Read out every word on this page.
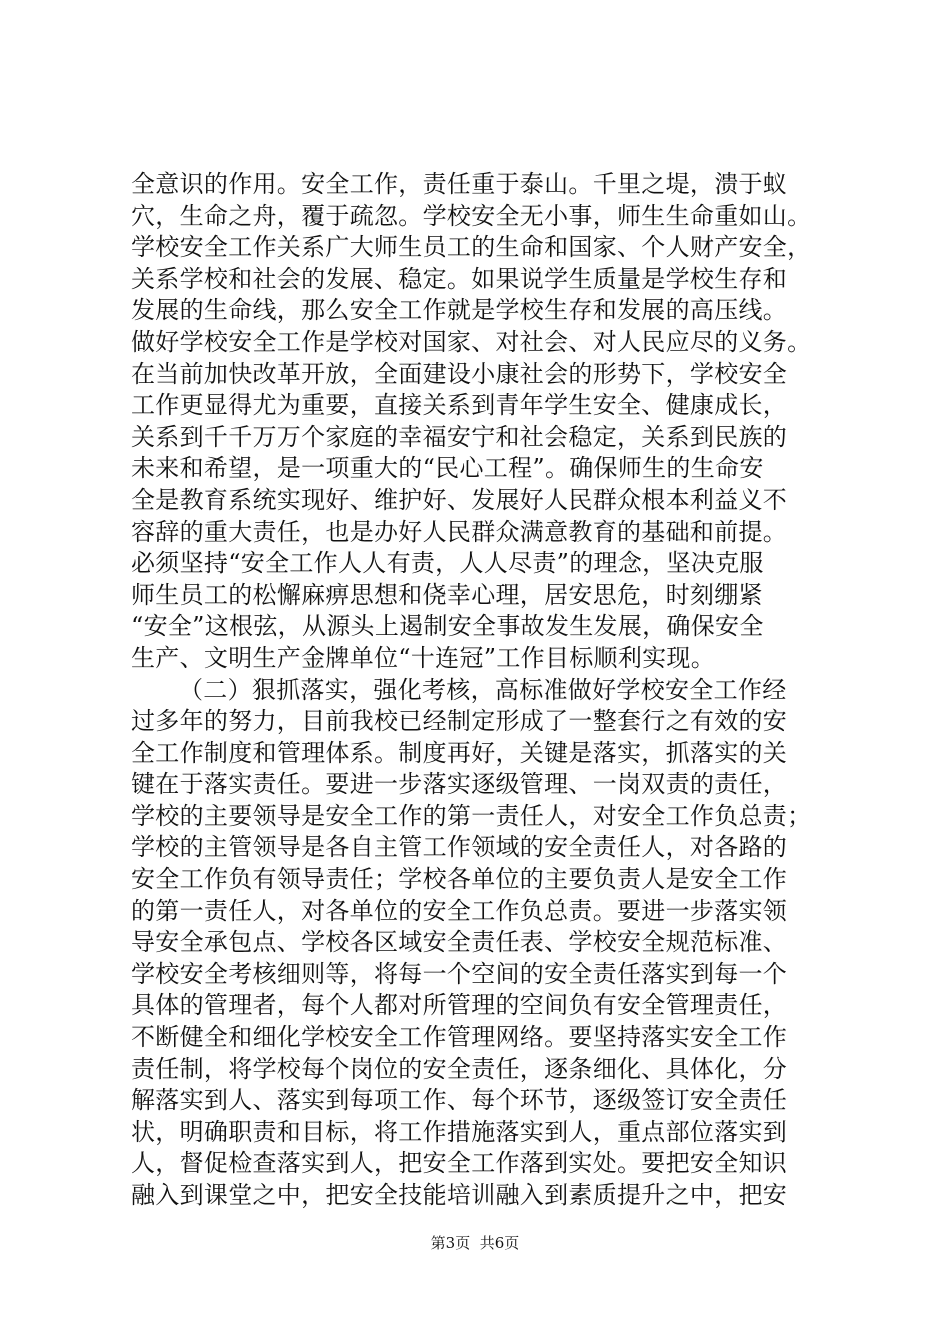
全意识的作用。安全工作，责任重于泰山。千里之堤，溃于蚁
穴，生命之舟，覆于疏忽。学校安全无小事，师生生命重如山。
学校安全工作关系广大师生员工的生命和国家、个人财产安全，
关系学校和社会的发展、稳定。如果说学生质量是学校生存和
发展的生命线，那么安全工作就是学校生存和发展的高压线。
做好学校安全工作是学校对国家、对社会、对人民应尽的义务。
在当前加快改革开放，全面建设小康社会的形势下，学校安全
工作更显得尤为重要，直接关系到青年学生安全、健康成长，
关系到千千万万个家庭的幸福安宁和社会稳定，关系到民族的
未来和希望，是一项重大的“民心工程”。确保师生的生命安
全是教育系统实现好、维护好、发展好人民群众根本利益义不
容辞的重大责任，也是办好人民群众满意教育的基础和前提。
必须坚持“安全工作人人有责，人人尽责”的理念，坚决克服
师生员工的松懈麻痹思想和侥幸心理，居安思危，时刻绷紧
“安全”这根弦，从源头上遏制安全事故发生发展，确保安全
生产、文明生产金牌单位“十连冠”工作目标顺利实现。
（二）狠抓落实，强化考核，高标准做好学校安全工作经
过多年的努力，目前我校已经制定形成了一整套行之有效的安
全工作制度和管理体系。制度再好，关键是落实，抓落实的关
键在于落实责任。要进一步落实逐级管理、一岗双责的责任，
学校的主要领导是安全工作的第一责任人，对安全工作负总责；
学校的主管领导是各自主管工作领域的安全责任人，对各路的
安全工作负有领导责任；学校各单位的主要负责人是安全工作
的第一责任人，对各单位的安全工作负总责。要进一步落实领
导安全承包点、学校各区域安全责任表、学校安全规范标准、
学校安全考核细则等，将每一个空间的安全责任落实到每一个
具体的管理者，每个人都对所管理的空间负有安全管理责任，
不断健全和细化学校安全工作管理网络。要坚持落实安全工作
责任制，将学校每个岗位的安全责任，逐条细化、具体化，分
解落实到人、落实到每项工作、每个环节，逐级签订安全责任
状，明确职责和目标，将工作措施落实到人，重点部位落实到
人，督促检查落实到人，把安全工作落到实处。要把安全知识
融入到课堂之中，把安全技能培训融入到素质提升之中，把安
第3页 共6页
